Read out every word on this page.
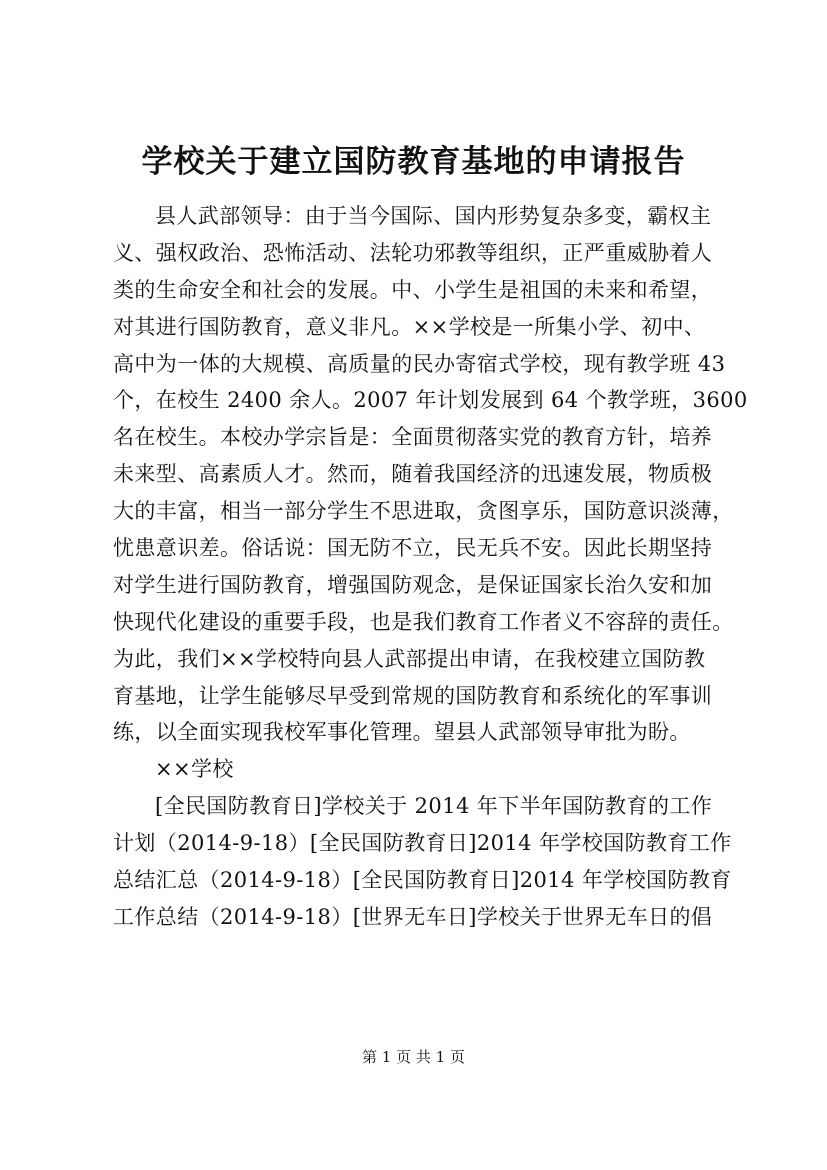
学校关于建立国防教育基地的申请报告
县人武部领导：由于当今国际、国内形势复杂多变，霸权主
义、强权政治、恐怖活动、法轮功邪教等组织，正严重威胁着人
类的生命安全和社会的发展。中、小学生是祖国的未来和希望，
对其进行国防教育，意义非凡。××学校是一所集小学、初中、
高中为一体的大规模、高质量的民办寄宿式学校，现有教学班 43
个，在校生 2400 余人。2007 年计划发展到 64 个教学班，3600
名在校生。本校办学宗旨是：全面贯彻落实党的教育方针，培养
未来型、高素质人才。然而，随着我国经济的迅速发展，物质极
大的丰富，相当一部分学生不思进取，贪图享乐，国防意识淡薄，
忧患意识差。俗话说：国无防不立，民无兵不安。因此长期坚持
对学生进行国防教育，增强国防观念，是保证国家长治久安和加
快现代化建设的重要手段，也是我们教育工作者义不容辞的责任。
为此，我们××学校特向县人武部提出申请，在我校建立国防教
育基地，让学生能够尽早受到常规的国防教育和系统化的军事训
练，以全面实现我校军事化管理。望县人武部领导审批为盼。
××学校
[全民国防教育日]学校关于 2014 年下半年国防教育的工作
计划（2014-9-18）[全民国防教育日]2014 年学校国防教育工作
总结汇总（2014-9-18）[全民国防教育日]2014 年学校国防教育
工作总结（2014-9-18）[世界无车日]学校关于世界无车日的倡
第 1 页 共 1 页
